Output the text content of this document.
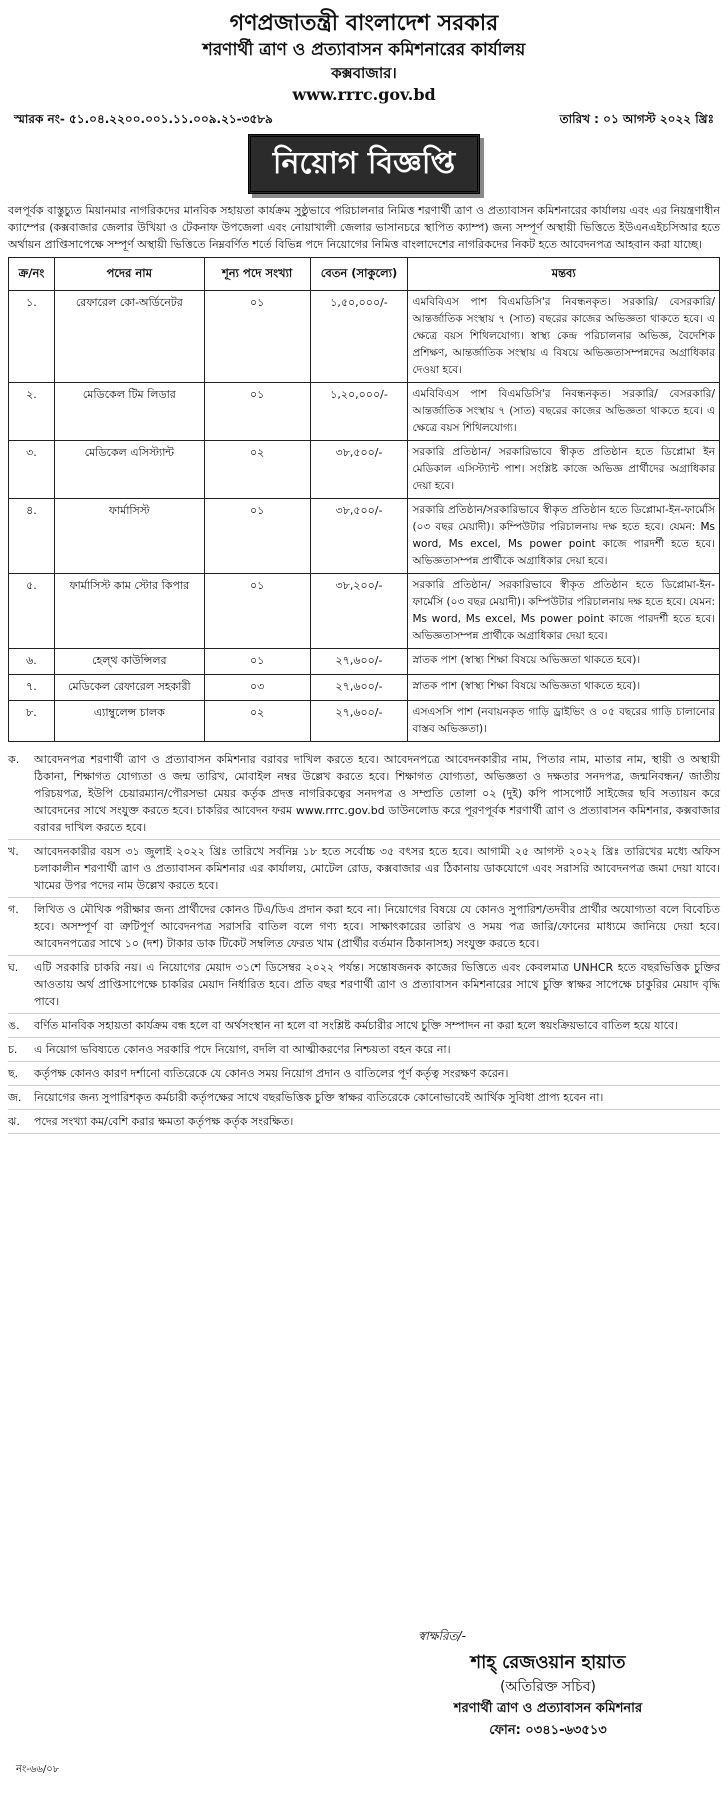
গণপ্রজাতন্ত্রী বাংলাদেশ সরকার
শরণার্থী ত্রাণ ও প্রত্যাবাসন কমিশনারের কার্যালয়
কক্সবাজার।
www.rrrc.gov.bd
স্মারক নং- ৫১.০৪.২২০০.০০১.১১.০০৯.২১-৩৫৮৯	তারিখ : ০১ আগস্ট ২০২২ খ্রিঃ
নিয়োগ বিজ্ঞপ্তি
বলপূর্বক বাস্তুচ্যুত মিয়ানমার নাগরিকদের মানবিক সহায়তা কার্যক্রম সুষ্ঠুভাবে পরিচালনার নিমিত্ত শরণার্থী ত্রাণ ও প্রত্যাবাসন কমিশনারের কার্যালয় এবং এর নিয়ন্ত্রণাধীন ক্যাম্পের (কক্সবাজার জেলার উখিয়া ও টেকনাফ উপজেলা এবং নোয়াখালী জেলার ভাসানচরে স্থাপিত ক্যাম্প) জন্য সম্পূর্ণ অস্থায়ী ভিত্তিতে ইউএনএইচসিআর হতে অর্থায়ন প্রাপ্তিসাপেক্ষে সম্পূর্ণ অস্থায়ী ভিত্তিতে নিম্নবর্ণিত শর্তে বিভিন্ন পদে নিয়োগের নিমিত্ত বাংলাদেশের নাগরিকদের নিকট হতে আবেদনপত্র আহবান করা যাচ্ছে।
ক্র/নং	পদের নাম	শূন্য পদে সংখ্যা	বেতন (সাকুল্যে)	মন্তব্য
১.	রেফারেল কো-অর্ডিনেটর	০১	১,৫০,০০০/-	এমবিবিএস পাশ বিএমডিসি'র নিবন্ধনকৃত। সরকারি/ বেসরকারি/ আন্তর্জাতিক সংস্থায় ৭ (সাত) বছরের কাজের অভিজ্ঞতা থাকতে হবে। এ ক্ষেত্রে বয়স শিথিলযোগ্য। স্বাস্থ্য কেন্দ্র পরিচালনার অভিজ্ঞ, বৈদেশিক প্রশিক্ষণ, আন্তর্জাতিক সংস্থায় এ বিষয়ে অভিজ্ঞতাসম্পন্নদের অগ্রাধিকার দেওয়া হবে।
২.	মেডিকেল টিম লিডার	০১	১,২০,০০০/-	এমবিবিএস পাশ বিএমডিসি'র নিবন্ধনকৃত। সরকারি/ বেসরকারি/ আন্তর্জাতিক সংস্থায় ৭ (সাত) বছরের কাজের অভিজ্ঞতা থাকতে হবে। এ ক্ষেত্রে বয়স শিথিলযোগ্য।
৩.	মেডিকেল এসিস্ট্যান্ট	০২	৩৮,৫০০/-	সরকারি প্রতিষ্ঠান/ সরকারিভাবে স্বীকৃত প্রতিষ্ঠান হতে ডিপ্লোমা ইন মেডিকাল এসিস্ট্যান্ট পাশ। সংশ্লিষ্ট কাজে অভিজ্ঞ প্রার্থীদের অগ্রাধিকার দেয়া হবে।
৪.	ফার্মাসিস্ট	০১	৩৮,৫০০/-	সরকারি প্রতিষ্ঠান/সরকারিভাবে স্বীকৃত প্রতিষ্ঠান হতে ডিপ্লোমা-ইন-ফার্মেসি (০৩ বছর মেয়াদী)। কম্পিউটার পরিচালনায় দক্ষ হতে হবে। যেমন: Ms word, Ms excel, Ms power point কাজে পারদর্শী হতে হবে। অভিজ্ঞতাসম্পন্ন প্রার্থীকে অগ্রাধিকার দেয়া হবে।
৫.	ফার্মাসিস্ট কাম স্টোর কিপার	০১	৩৮,২০০/-	সরকারি প্রতিষ্ঠান/ সরকারিভাবে স্বীকৃত প্রতিষ্ঠান হতে ডিপ্লোমা-ইন-ফার্মেসি (০৩ বছর মেয়াদী)। কম্পিউটার পরিচালনায় দক্ষ হতে হবে। যেমন: Ms word, Ms excel, Ms power point কাজে পারদর্শী হতে হবে। অভিজ্ঞতাসম্পন্ন প্রার্থীকে অগ্রাধিকার দেয়া হবে।
৬.	হেল্‌থ কাউন্সিলর	০১	২৭,৬০০/-	স্নাতক পাশ (স্বাস্থ্য শিক্ষা বিষয়ে অভিজ্ঞতা থাকতে হবে)।
৭.	মেডিকেল রেফারেল সহকারী	০৩	২৭,৬০০/-	স্নাতক পাশ (স্বাস্থ্য শিক্ষা বিষয়ে অভিজ্ঞতা থাকতে হবে)।
৮.	এ্যাম্বুলেন্স চালক	০২	২৭,৬০০/-	এসএসসি পাশ (নবায়নকৃত গাড়ি ড্রাইভিং ও ০৫ বছরের গাড়ি চালানোর বাস্তব অভিজ্ঞতা)।
ক.	আবেদনপত্র শরণার্থী ত্রাণ ও প্রত্যাবাসন কমিশনার বরাবর দাখিল করতে হবে। আবেদনপত্রে আবেদনকারীর নাম, পিতার নাম, মাতার নাম, স্থায়ী ও অস্থায়ী ঠিকানা, শিক্ষাগত যোগ্যতা ও জন্ম তারিখ, মোবাইল নম্বর উল্লেখ করতে হবে। শিক্ষাগত যোগ্যতা, অভিজ্ঞতা ও দক্ষতার সনদপত্র, জন্মনিবন্ধন/ জাতীয় পরিচয়পত্র, ইউপি চেয়ারম্যান/পৌরসভা মেয়র কর্তৃক প্রদত্ত নাগরিকত্বের সনদপত্র ও সম্প্রতি তোলা ০২ (দুই) কপি পাসপোর্ট সাইজের ছবি সত্যায়ন করে আবেদনের সাথে সংযুক্ত করতে হবে। চাকরির আবেদন ফরম www.rrrc.gov.bd ডাউনলোড করে পূরণপূর্বক শরণার্থী ত্রাণ ও প্রত্যাবাসন কমিশনার, কক্সবাজার বরাবর দাখিল করতে হবে।
খ.	আবেদনকারীর বয়স ৩১ জুলাই ২০২২ খ্রিঃ তারিখে সর্বনিম্ন ১৮ হতে সর্বোচ্চ ৩৫ বৎসর হতে হবে। আগামী ২৫ আগস্ট ২০২২ খ্রিঃ তারিখের মধ্যে অফিস চলাকালীন শরণার্থী ত্রাণ ও প্রত্যাবাসন কমিশনার এর কার্যালয়, মোটেল রোড, কক্সবাজার এর ঠিকানায় ডাকযোগে এবং সরাসরি আবেদনপত্র জমা দেয়া যাবে। খামের উপর পদের নাম উল্লেখ করতে হবে।
গ.	লিখিত ও মৌখিক পরীক্ষার জন্য প্রার্থীদের কোনও টিএ/ডিএ প্রদান করা হবে না। নিয়োগের বিষয়ে যে কোনও সুপারিশ/তদবীর প্রার্থীর অযোগ্যতা বলে বিবেচিত হবে। অসম্পূর্ণ বা ত্রুটিপূর্ণ আবেদনপত্র সরাসরি বাতিল বলে গণ্য হবে। সাক্ষাৎকারের তারিখ ও সময় পত্র জারি/ফোনের মাধ্যমে জানিয়ে দেয়া হবে। আবেদনপত্রের সাথে ১০ (দশ) টাকার ডাক টিকেট সম্বলিত ফেরত খাম (প্রার্থীর বর্তমান ঠিকানাসহ) সংযুক্ত করতে হবে।
ঘ.	এটি সরকারি চাকরি নয়। এ নিয়োগের মেয়াদ ৩১শে ডিসেম্বর ২০২২ পর্যন্ত। সন্তোষজনক কাজের ভিত্তিতে এবং কেবলমাত্র UNHCR হতে বছরভিত্তিক চুক্তির আওতায় অর্থ প্রাপ্তিসাপেক্ষে চাকরির মেয়াদ নির্ধারিত হবে। প্রতি বছর শরণার্থী ত্রাণ ও প্রত্যাবাসন কমিশনারের সাথে চুক্তি স্বাক্ষর সাপেক্ষে চাকুরির মেয়াদ বৃদ্ধি পাবে।
ঙ.	বর্ণিত মানবিক সহায়তা কার্যক্রম বন্ধ হলে বা অর্থসংস্থান না হলে বা সংশ্লিষ্ট কর্মচারীর সাথে চুক্তি সম্পাদন না করা হলে স্বয়ংক্রিয়ভাবে বাতিল হয়ে যাবে।
চ.	এ নিয়োগ ভবিষ্যতে কোনও সরকারি পদে নিয়োগ, বদলি বা আত্মীকরণের নিশ্চয়তা বহন করে না।
ছ.	কর্তৃপক্ষ কোনও কারণ দর্শানো ব্যতিরেকে যে কোনও সময় নিয়োগ প্রদান ও বাতিলের পূর্ণ কর্তৃত্ব সংরক্ষণ করেন।
জ.	নিয়োগের জন্য সুপারিশকৃত কর্মচারী কর্তৃপক্ষের সাথে বছরভিত্তিক চুক্তি স্বাক্ষর ব্যতিরেকে কোনোভাবেই আর্থিক সুবিধা প্রাপ্য হবেন না।
ঝ.	পদের সংখ্যা কম/বেশি করার ক্ষমতা কর্তৃপক্ষ কর্তৃক সংরক্ষিত।
স্বাক্ষরিত/-
শাহ্ রেজওয়ান হায়াত
(অতিরিক্ত সচিব)
শরণার্থী ত্রাণ ও প্রত্যাবাসন কমিশনার
ফোন: ০৩৪১-৬৩৫১৩
নং-৬৬/০৮
